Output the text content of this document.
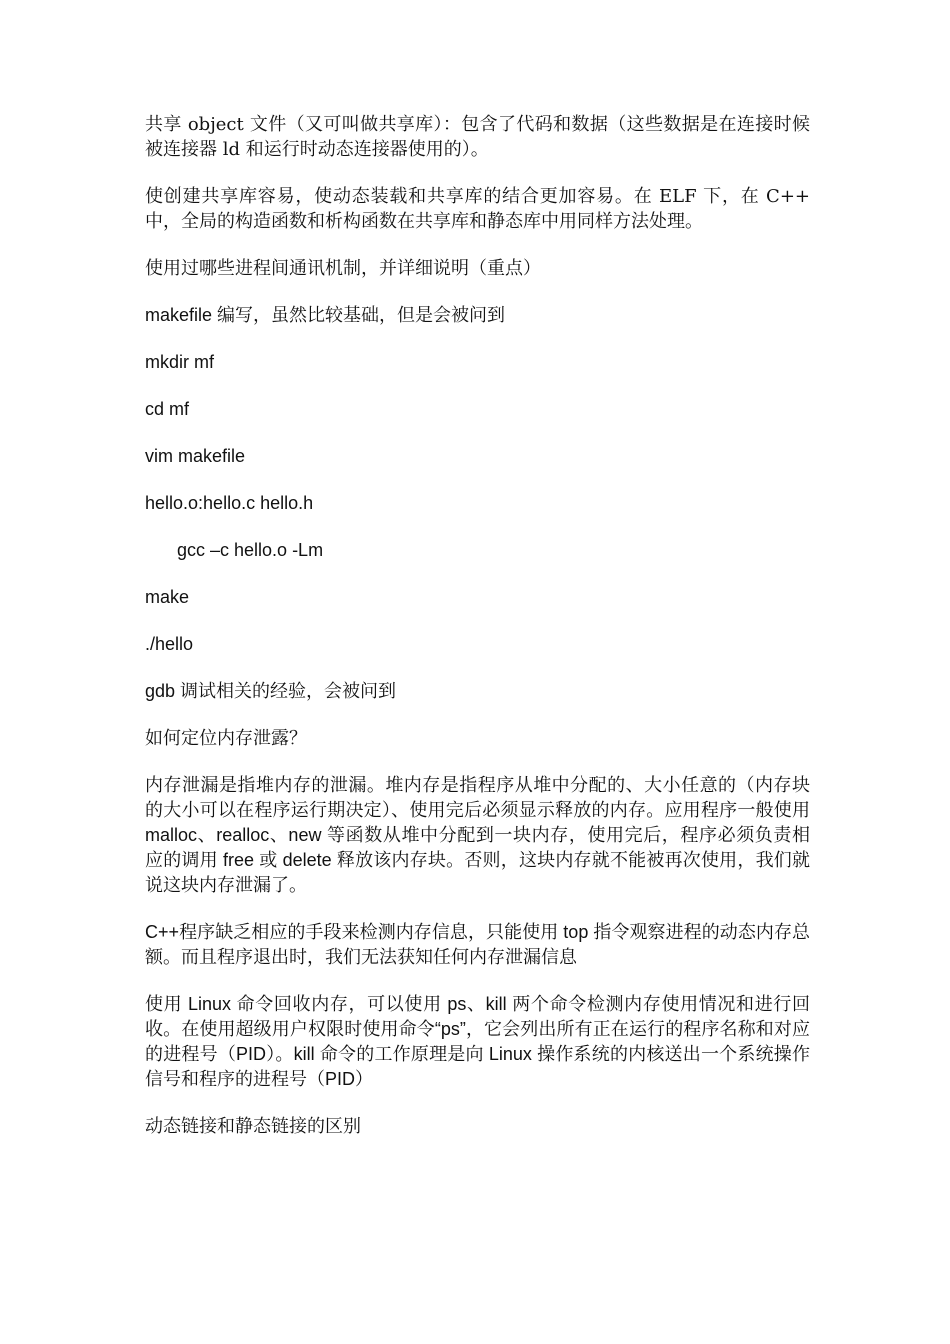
共享 object 文件（又可叫做共享库）：包含了代码和数据（这些数据是在连接时候被连接器 ld 和运行时动态连接器使用的）。

使创建共享库容易，使动态装载和共享库的结合更加容易。在 ELF 下，在 C++ 中，全局的构造函数和析构函数在共享库和静态库中用同样方法处理。

使用过哪些进程间通讯机制，并详细说明（重点）

makefile 编写，虽然比较基础，但是会被问到

mkdir mf

cd mf

vim makefile

hello.o:hello.c hello.h

gcc –c hello.o -Lm

make

./hello

gdb 调试相关的经验，会被问到

如何定位内存泄露？

内存泄漏是指堆内存的泄漏。堆内存是指程序从堆中分配的、大小任意的（内存块的大小可以在程序运行期决定）、使用完后必须显示释放的内存。应用程序一般使用 malloc、realloc、new 等函数从堆中分配到一块内存，使用完后，程序必须负责相应的调用 free 或 delete 释放该内存块。否则，这块内存就不能被再次使用，我们就说这块内存泄漏了。

C++程序缺乏相应的手段来检测内存信息，只能使用 top 指令观察进程的动态内存总额。而且程序退出时，我们无法获知任何内存泄漏信息

使用 Linux 命令回收内存，可以使用 ps、kill 两个命令检测内存使用情况和进行回收。在使用超级用户权限时使用命令“ps”，它会列出所有正在运行的程序名称和对应的进程号（PID）。kill 命令的工作原理是向 Linux 操作系统的内核送出一个系统操作信号和程序的进程号（PID）

动态链接和静态链接的区别
